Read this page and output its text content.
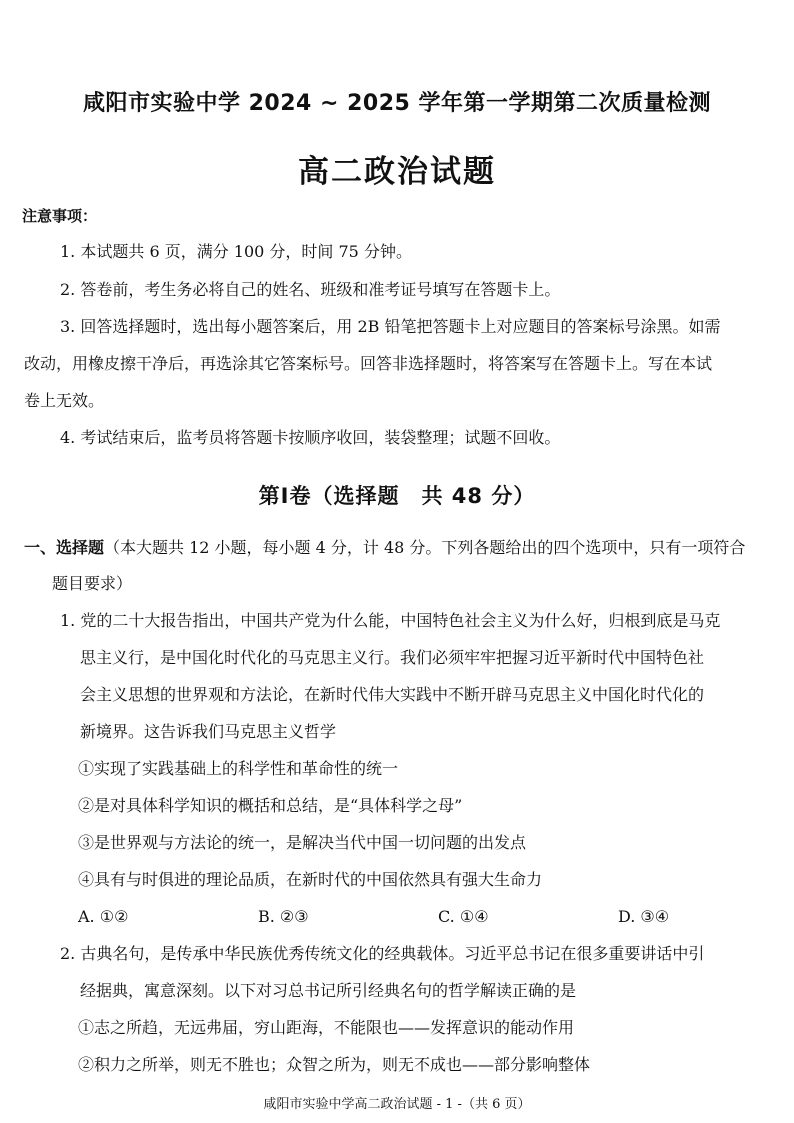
咸阳市实验中学 2024 ~ 2025 学年第一学期第二次质量检测
高二政治试题
注意事项：
1. 本试题共 6 页，满分 100 分，时间 75 分钟。
2. 答卷前，考生务必将自己的姓名、班级和准考证号填写在答题卡上。
3. 回答选择题时，选出每小题答案后，用 2B 铅笔把答题卡上对应题目的答案标号涂黑。如需
改动，用橡皮擦干净后，再选涂其它答案标号。回答非选择题时，将答案写在答题卡上。写在本试
卷上无效。
4. 考试结束后，监考员将答题卡按顺序收回，装袋整理；试题不回收。
第Ⅰ卷（选择题　共 48 分）
一、选择题（本大题共 12 小题，每小题 4 分，计 48 分。下列各题给出的四个选项中，只有一项符合
题目要求）
1. 党的二十大报告指出，中国共产党为什么能，中国特色社会主义为什么好，归根到底是马克
思主义行，是中国化时代化的马克思主义行。我们必须牢牢把握习近平新时代中国特色社
会主义思想的世界观和方法论，在新时代伟大实践中不断开辟马克思主义中国化时代化的
新境界。这告诉我们马克思主义哲学
①实现了实践基础上的科学性和革命性的统一
②是对具体科学知识的概括和总结，是“具体科学之母”
③是世界观与方法论的统一，是解决当代中国一切问题的出发点
④具有与时俱进的理论品质，在新时代的中国依然具有强大生命力
A. ①②	B. ②③	C. ①④	D. ③④
2. 古典名句，是传承中华民族优秀传统文化的经典载体。习近平总书记在很多重要讲话中引
经据典，寓意深刻。以下对习总书记所引经典名句的哲学解读正确的是
①志之所趋，无远弗届，穷山距海，不能限也——发挥意识的能动作用
②积力之所举，则无不胜也；众智之所为，则无不成也——部分影响整体
咸阳市实验中学高二政治试题 - 1 -（共 6 页）
